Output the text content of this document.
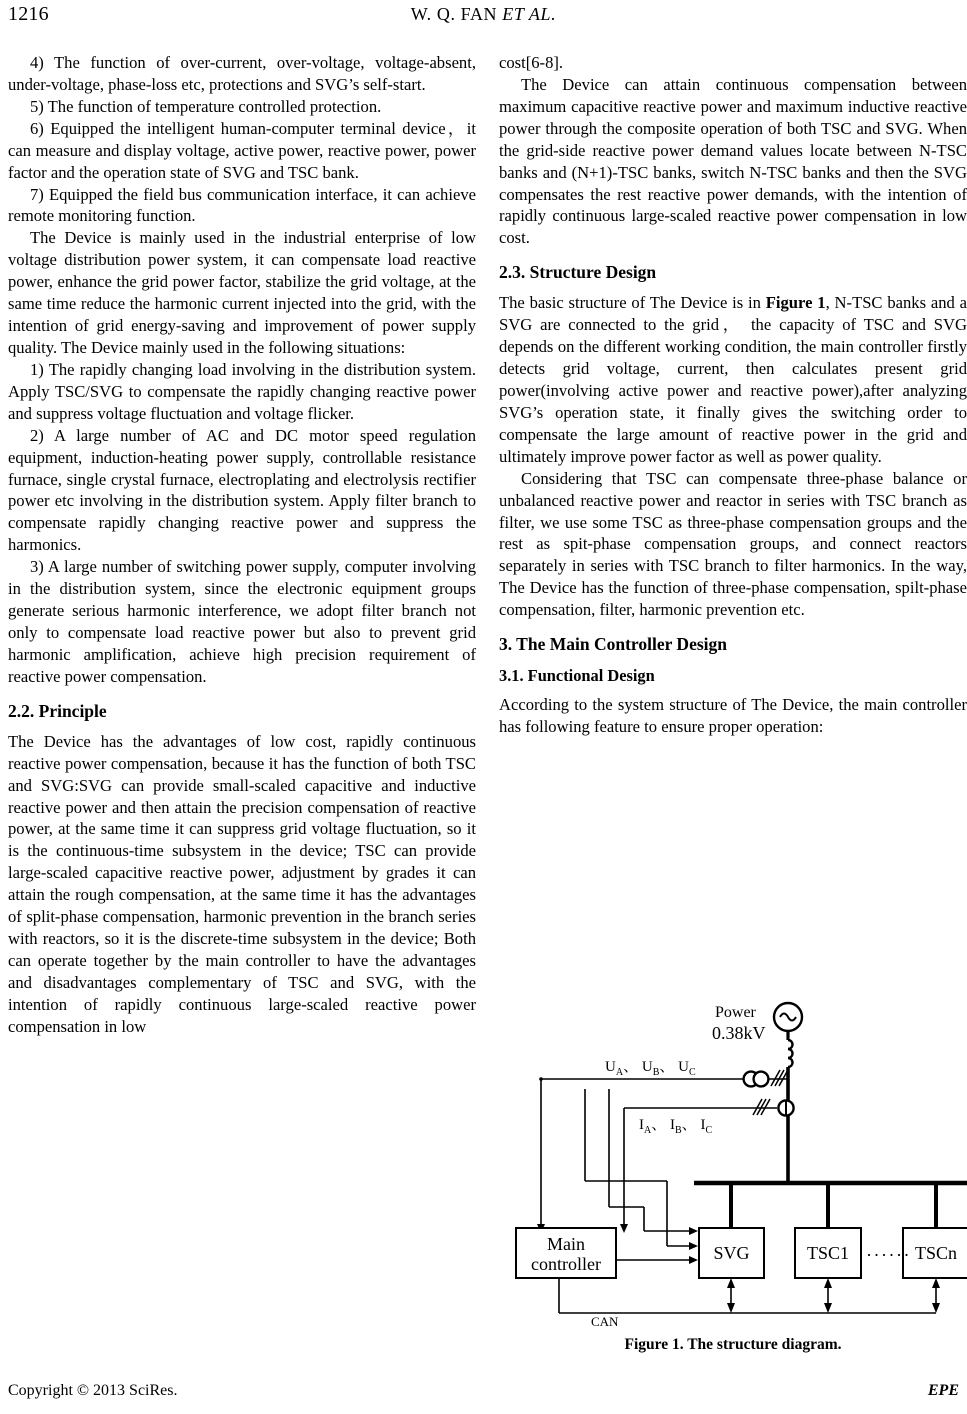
1216	W. Q. FAN ET AL.

4) The function of over-current, over-voltage, voltage-absent, under-voltage, phase-loss etc, protections and SVG’s self-start.

5) The function of temperature controlled protection.

6) Equipped the intelligent human-computer terminal device，it can measure and display voltage, active power, reactive power, power factor and the operation state of SVG and TSC bank.

7) Equipped the field bus communication interface, it can achieve remote monitoring function.

The Device is mainly used in the industrial enterprise of low voltage distribution power system, it can compensate load reactive power, enhance the grid power factor, stabilize the grid voltage, at the same time reduce the harmonic current injected into the grid, with the intention of grid energy-saving and improvement of power supply quality. The Device mainly used in the following situations:

1) The rapidly changing load involving in the distribution system. Apply TSC/SVG to compensate the rapidly changing reactive power and suppress voltage fluctuation and voltage flicker.

2) A large number of AC and DC motor speed regulation equipment, induction-heating power supply, controllable resistance furnace, single crystal furnace, electroplating and electrolysis rectifier power etc involving in the distribution system. Apply filter branch to compensate rapidly changing reactive power and suppress the harmonics.

3) A large number of switching power supply, computer involving in the distribution system, since the electronic equipment groups generate serious harmonic interference, we adopt filter branch not only to compensate load reactive power but also to prevent grid harmonic amplification, achieve high precision requirement of reactive power compensation.

2.2. Principle

The Device has the advantages of low cost, rapidly continuous reactive power compensation, because it has the function of both TSC and SVG:SVG can provide small-scaled capacitive and inductive reactive power and then attain the precision compensation of reactive power, at the same time it can suppress grid voltage fluctuation, so it is the continuous-time subsystem in the device; TSC can provide large-scaled capacitive reactive power, adjustment by grades it can attain the rough compensation, at the same time it has the advantages of split-phase compensation, harmonic prevention in the branch series with reactors, so it is the discrete-time subsystem in the device; Both can operate together by the main controller to have the advantages and disadvantages complementary of TSC and SVG, with the intention of rapidly continuous large-scaled reactive power compensation in low

cost[6-8].

The Device can attain continuous compensation between maximum capacitive reactive power and maximum inductive reactive power through the composite operation of both TSC and SVG. When the grid-side reactive power demand values locate between N-TSC banks and (N+1)-TSC banks, switch N-TSC banks and then the SVG compensates the rest reactive power demands, with the intention of rapidly continuous large-scaled reactive power compensation in low cost.

2.3. Structure Design

The basic structure of The Device is in Figure 1, N-TSC banks and a SVG are connected to the grid， the capacity of TSC and SVG depends on the different working condition, the main controller firstly detects grid voltage, current, then calculates present grid power(involving active power and reactive power),after analyzing SVG’s operation state, it finally gives the switching order to compensate the large amount of reactive power in the grid and ultimately improve power factor as well as power quality.

Considering that TSC can compensate three-phase balance or unbalanced reactive power and reactor in series with TSC branch as filter, we use some TSC as three-phase compensation groups and the rest as spit-phase compensation groups, and connect reactors separately in series with TSC branch to filter harmonics. In the way, The Device has the function of three-phase compensation, spilt-phase compensation, filter, harmonic prevention etc.

3. The Main Controller Design
3.1. Functional Design

According to the system structure of The Device, the main controller has following feature to ensure proper operation:

Power
0.38kV
$U_A$、 $U_B$、 $U_C$
$I_A$、 $I_B$、 $I_C$
Main
controller
SVG	TSC1 ······ TSCn
CAN
Figure 1. The structure diagram.
Copyright © 2013 SciRes.	EPE
